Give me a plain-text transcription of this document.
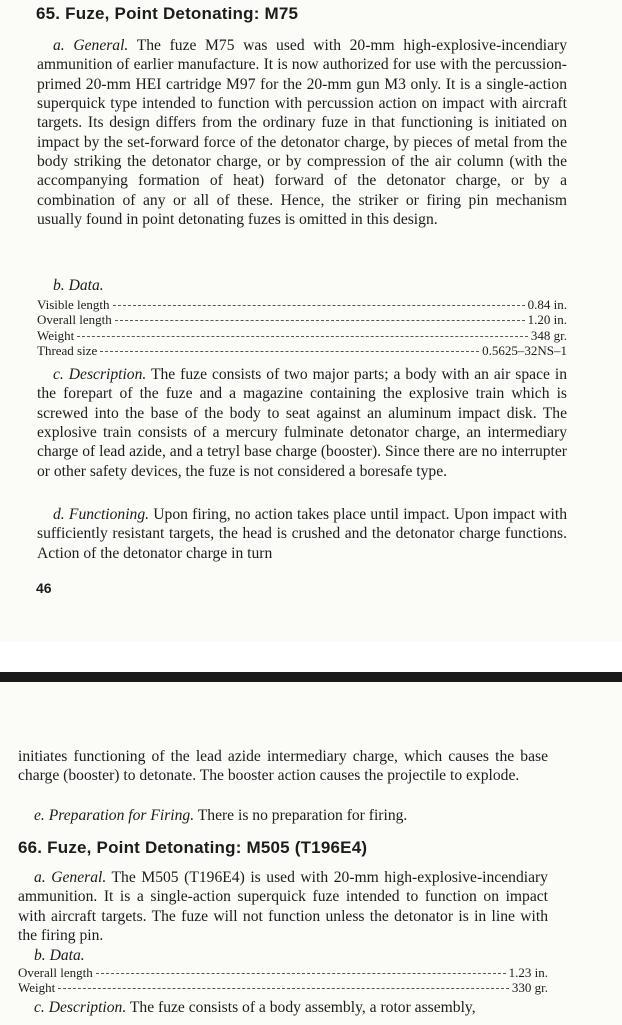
65. Fuze, Point Detonating: M75

a. General. The fuze M75 was used with 20-mm high-explosive-incendiary ammunition of earlier manufacture. It is now authorized for use with the percussion-primed 20-mm HEI cartridge M97 for the 20-mm gun M3 only. It is a single-action superquick type intended to function with percussion action on impact with aircraft targets. Its design differs from the ordinary fuze in that functioning is initiated on impact by the set-forward force of the detonator charge, by pieces of metal from the body striking the detonator charge, or by compression of the air column (with the accompanying formation of heat) forward of the detonator charge, or by a combination of any or all of these. Hence, the striker or firing pin mechanism usually found in point detonating fuzes is omitted in this design.

b. Data.
Visible length	0.84 in.
Overall length	1.20 in.
Weight	348 gr.
Thread size	0.5625–32NS–1

c. Description. The fuze consists of two major parts; a body with an air space in the forepart of the fuze and a magazine containing the explosive train which is screwed into the base of the body to seat against an aluminum impact disk. The explosive train consists of a mercury fulminate detonator charge, an intermediary charge of lead azide, and a tetryl base charge (booster). Since there are no interrupter or other safety devices, the fuze is not considered a boresafe type.

d. Functioning. Upon firing, no action takes place until impact. Upon impact with sufficiently resistant targets, the head is crushed and the detonator charge functions. Action of the detonator charge in turn

46

initiates functioning of the lead azide intermediary charge, which causes the base charge (booster) to detonate. The booster action causes the projectile to explode.

e. Preparation for Firing. There is no preparation for firing.

66. Fuze, Point Detonating: M505 (T196E4)

a. General. The M505 (T196E4) is used with 20-mm high-explosive-incendiary ammunition. It is a single-action superquick fuze intended to function on impact with aircraft targets. The fuze will not function unless the detonator is in line with the firing pin.

b. Data.
Overall length	1.23 in.
Weight	330 gr.

c. Description. The fuze consists of a body assembly, a rotor assembly,
